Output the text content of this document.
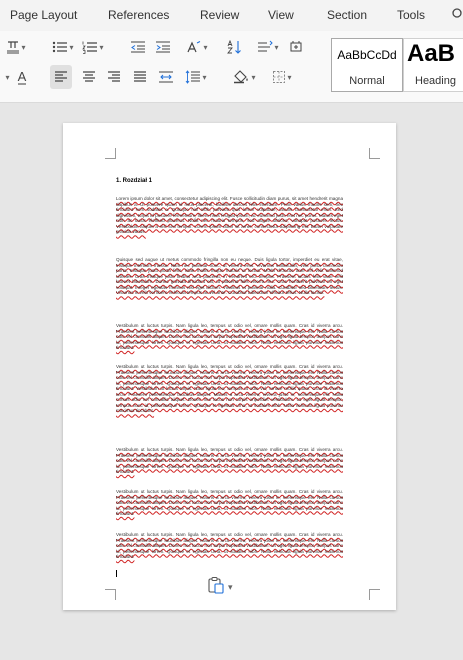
Page Layout	References	Review View	Section Tools
▾	▾	▾	▾	▾
▾ A	▾	▾	▾
AaBbCcDd
Normal
AaB
Heading
1. Rozdział 1
Lorem ipsum dolor sit amet, consectetur adipiscing elit. Fusce sollicitudin diam purus, sit amet hendrerit magna dapibus a. Ut posuere quam id risus placerat, facilisis ultrices felis interdum. Proin varius mauris sem, nec tincidunt sem sodales a. Quisque nisl nibh, pulvinar quis lorem vulputate, iaculis consectetur enim. Sed dignissim, turpis id posuere fermentum, libero risus feugiat ipsum, ac euismod justo erat nec purus. Mauris eget nibh ac lacus eleifend placerat. Nulla nec mauris tempus, sed augue ultrices, volutpat posuere lectus. Vestibulum aliquet a nisl sed tempor. Lorem ipsum dolor sit amet, consectetur adipiscing elit. Etiam vulputate gravida varius.
Quisque sed augue ut metus commodo fringilla non eu neque. Duis ligula tortor, imperdiet eu erat vitae, tristique interdum massa. Nam nec pulvinar nunc, ut viverra eros. Vivamus sollicitudin, velit porta commodo porta, tristique justo porta felis, vitae mollis neque mauris ut lectus. Morbi rhoncus ante vel velit euismod ultricies. Cras tristique justo finibus arcu placerat, in hendrerit orci tempus. Praesent iaculis felis vitae velit laoreet bibendum. Donec gravida tincidunt elit, ut placerat felis viverra nec. Cras hendrerit pulvinar mi eget volutpat. Integer egestas rhoncus nisl eget dictum. Vivamus ut pulvinar nulla. Curabitur sed bibendum lectus. Vivamus in velit vel libero vehicula tempus ac vel ante. Curabitur bibendum efficitur tellus. Nulla facilisi.
Vestibulum ut luctus turpis. Nam ligula leo, tempus ut odio vel, ornare mollis quam. Cras id viverra arcu. Praesent pellentesque faucibus aliquet. Mauris a arcu viverra, viverra justo in, scelerisque elit. Nulla cursus odio vel convallis aliquet. Donec nec lacus non turpis imperdiet vestibulum. Ut eget ligula tempor, tempus nunc id, pellentesque lorem. Quisque et egestas urna, ut sodales nibh. Nulla vehicula ligula pulvinar maximus tincidunt.
Vestibulum ut luctus turpis. Nam ligula leo, tempus ut odio vel, ornare mollis quam. Cras id viverra arcu. Praesent pellentesque faucibus aliquet. Mauris a arcu viverra, viverra justo in, scelerisque elit. Nulla cursus odio vel convallis aliquet. Donec nec lacus non turpis imperdiet vestibulum. Ut eget ligula tempor, tempus nunc id, pellentesque lorem. Quisque et egestas urna, ut sodales nibh. Nulla vehicula ligula pulvinar maximus tincidunt. Vestibulum ut luctus turpis. Nam ligula leo, tempus ut odio vel, ornare mollis quam. Cras id viverra arcu. Praesent pellentesque faucibus aliquet. Mauris a arcu viverra, viverra justo in, scelerisque elit. Nulla cursus odio vel convallis aliquet. Donec nec lacus non turpis imperdiet vestibulum. Ut eget ligula tempor, tempus nunc id, pellentesque lorem. Quisque et egestas urna, ut sodales nibh. Nulla vehicula ligula pulvinar maximus tincidunt.
Vestibulum ut luctus turpis. Nam ligula leo, tempus ut odio vel, ornare mollis quam. Cras id viverra arcu. Praesent pellentesque faucibus aliquet. Mauris a arcu viverra, viverra justo in, scelerisque elit. Nulla cursus odio vel convallis aliquet. Donec nec lacus non turpis imperdiet vestibulum. Ut eget ligula tempor, tempus nunc id, pellentesque lorem. Quisque et egestas urna, ut sodales nibh. Nulla vehicula ligula pulvinar maximus tincidunt.
Vestibulum ut luctus turpis. Nam ligula leo, tempus ut odio vel, ornare mollis quam. Cras id viverra arcu. Praesent pellentesque faucibus aliquet. Mauris a arcu viverra, viverra justo in, scelerisque elit. Nulla cursus odio vel convallis aliquet. Donec nec lacus non turpis imperdiet vestibulum. Ut eget ligula tempor, tempus nunc id, pellentesque lorem. Quisque et egestas urna, ut sodales nibh. Nulla vehicula ligula pulvinar maximus tincidunt.
Vestibulum ut luctus turpis. Nam ligula leo, tempus ut odio vel, ornare mollis quam. Cras id viverra arcu. Praesent pellentesque faucibus aliquet. Mauris a arcu viverra, viverra justo in, scelerisque elit. Nulla cursus odio vel convallis aliquet. Donec nec lacus non turpis imperdiet vestibulum. Ut eget ligula tempor, tempus nunc id, pellentesque lorem. Quisque et egestas urna, ut sodales nibh. Nulla vehicula ligula pulvinar maximus tincidunt.
▾
